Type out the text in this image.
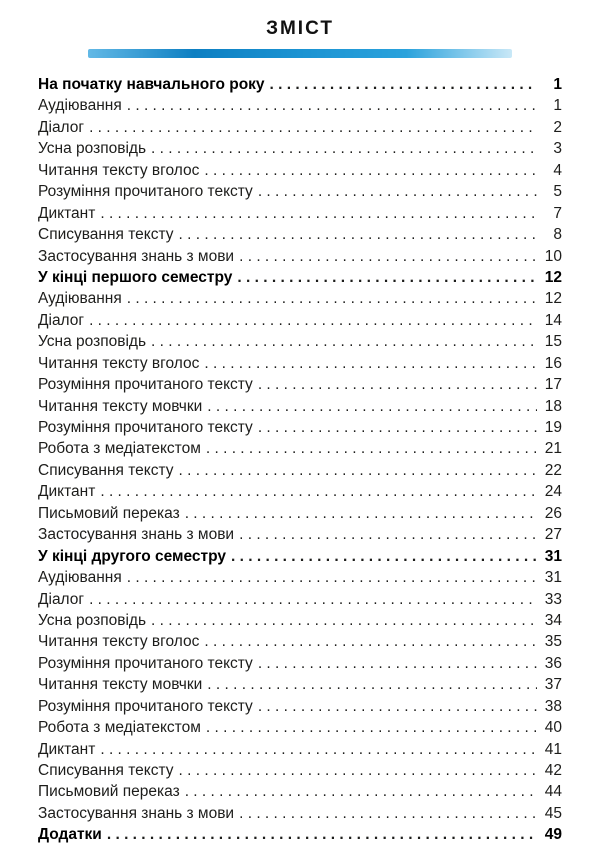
ЗМІСТ
На початку навчального року . . .	1
Аудіювання . . .	1
Діалог . . .	2
Усна розповідь . . .	3
Читання тексту вголос . . .	4
Розуміння прочитаного тексту . . .	5
Диктант . . .	7
Списування тексту . . .	8
Застосування знань з мови . . .	10
У кінці першого семестру . . .	12
Аудіювання . . .	12
Діалог . . .	14
Усна розповідь . . .	15
Читання тексту вголос . . .	16
Розуміння прочитаного тексту . . .	17
Читання тексту мовчки . . .	18
Розуміння прочитаного тексту . . .	19
Робота з медіатекстом . . .	21
Списування тексту . . .	22
Диктант . . .	24
Письмовий переказ . . .	26
Застосування знань з мови . . .	27
У кінці другого семестру . . .	31
Аудіювання . . .	31
Діалог . . .	33
Усна розповідь . . .	34
Читання тексту вголос . . .	35
Розуміння прочитаного тексту . . .	36
Читання тексту мовчки . . .	37
Розуміння прочитаного тексту . . .	38
Робота з медіатекстом . . .	40
Диктант . . .	41
Списування тексту . . .	42
Письмовий переказ . . .	44
Застосування знань з мови . . .	45
Додатки . . .	49
